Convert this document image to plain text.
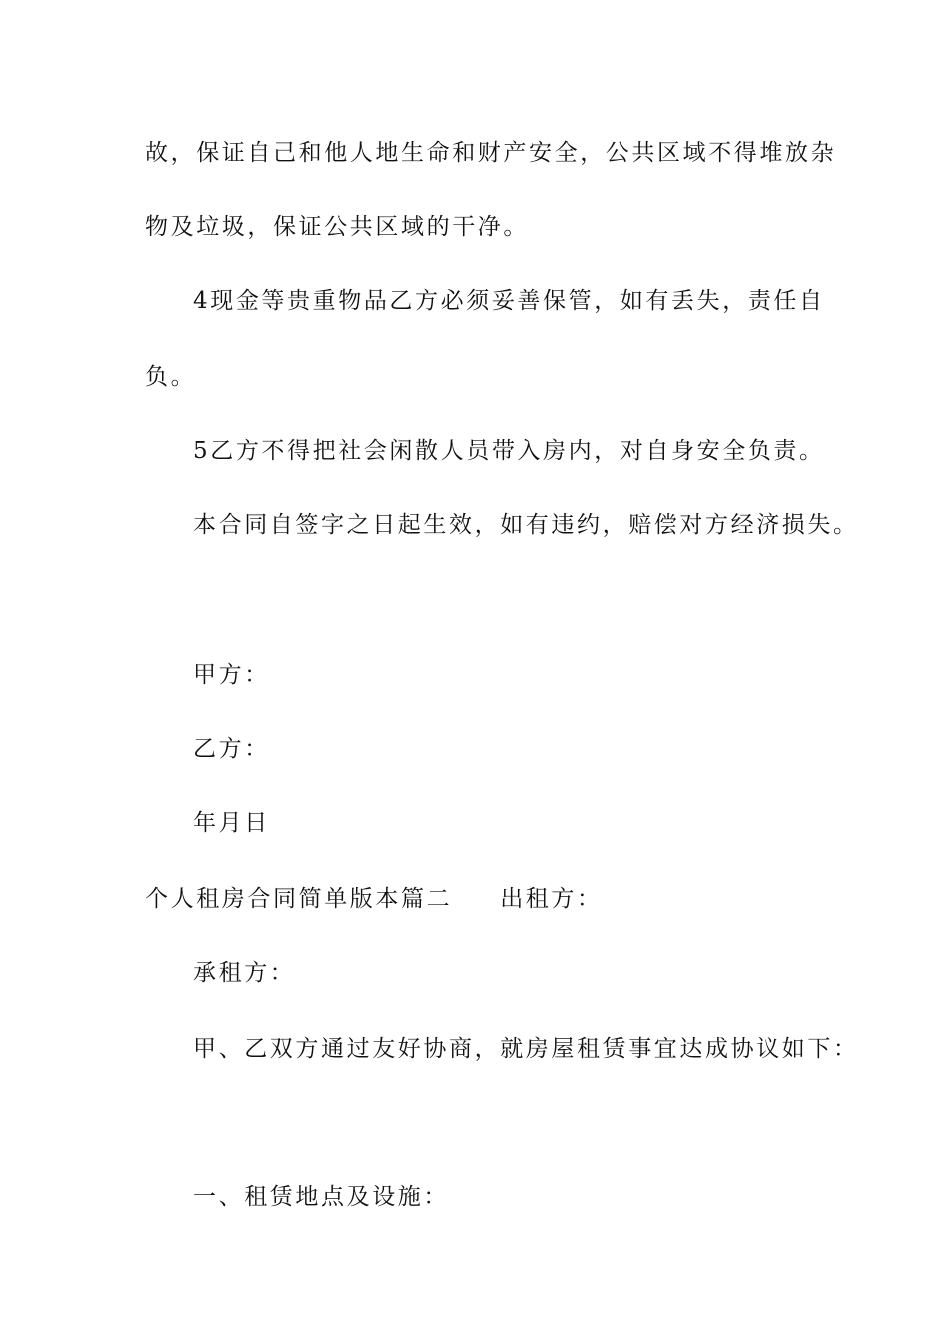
故，保证自己和他人地生命和财产安全，公共区域不得堆放杂
物及垃圾，保证公共区域的干净。
4现金等贵重物品乙方必须妥善保管，如有丢失，责任自
负。
5乙方不得把社会闲散人员带入房内，对自身安全负责。
本合同自签字之日起生效，如有违约，赔偿对方经济损失。
甲方：
乙方：
年月日
个人租房合同简单版本篇二 出租方：
承租方：
甲、乙双方通过友好协商，就房屋租赁事宜达成协议如下：
一、租赁地点及设施：
